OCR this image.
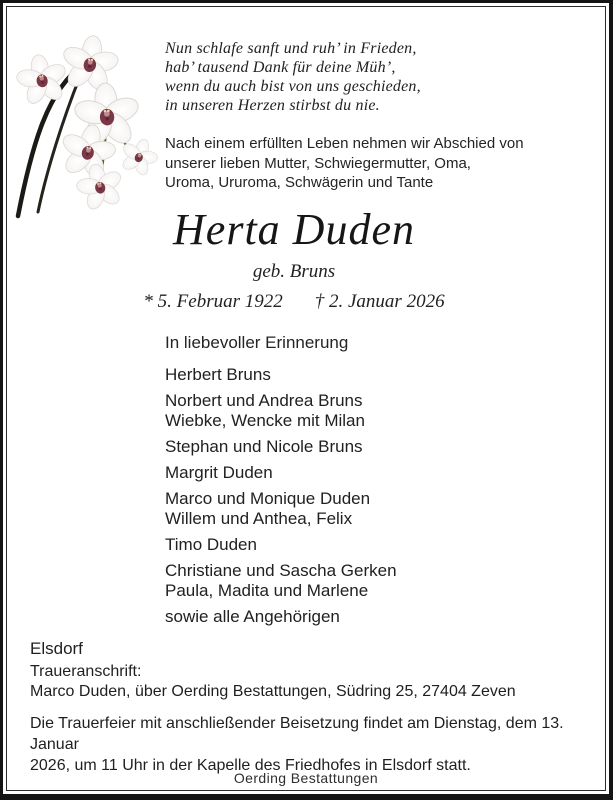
Nun schlafe sanft und ruh’ in Frieden,
hab’ tausend Dank für deine Müh’,
wenn du auch bist von uns geschieden,
in unseren Herzen stirbst du nie.
Nach einem erfüllten Leben nehmen wir Abschied von
unserer lieben Mutter, Schwiegermutter, Oma,
Uroma, Ururoma, Schwägerin und Tante
Herta Duden
geb. Bruns
* 5. Februar 1922 † 2. Januar 2026
In liebevoller Erinnerung
Herbert Bruns
Norbert und Andrea Bruns
Wiebke, Wencke mit Milan
Stephan und Nicole Bruns
Margrit Duden
Marco und Monique Duden
Willem und Anthea, Felix
Timo Duden
Christiane und Sascha Gerken
Paula, Madita und Marlene
sowie alle Angehörigen
Elsdorf
Traueranschrift:
Marco Duden, über Oerding Bestattungen, Südring 25, 27404 Zeven
Die Trauerfeier mit anschließender Beisetzung findet am Dienstag, dem 13. Januar
2026, um 11 Uhr in der Kapelle des Friedhofes in Elsdorf statt.
Oerding Bestattungen
